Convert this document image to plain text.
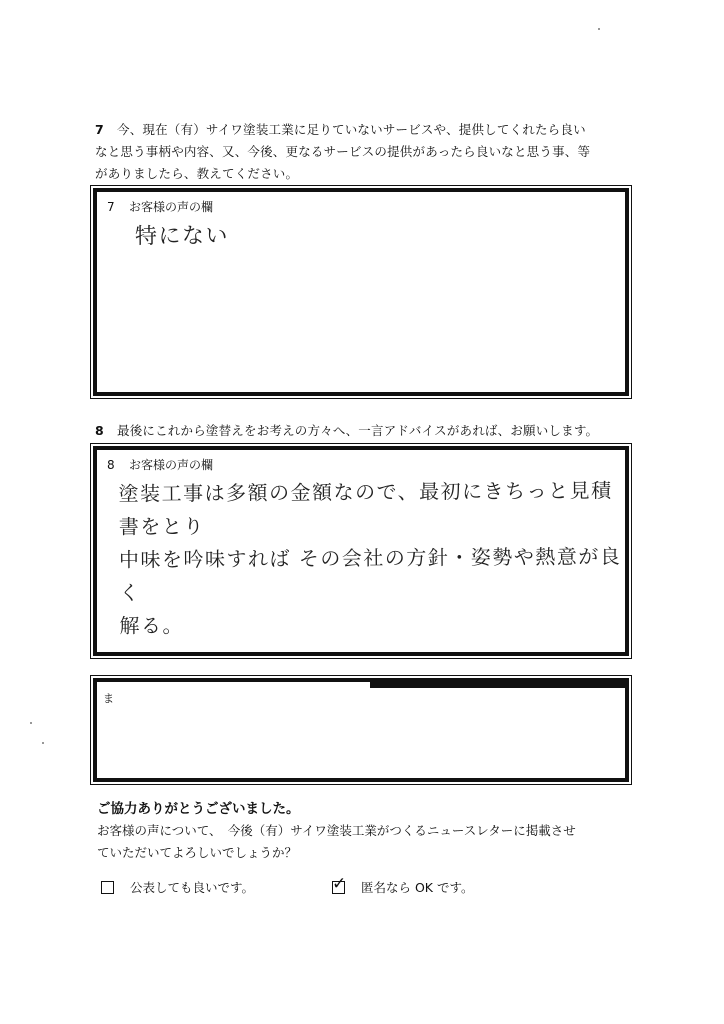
7 今、現在（有）サイワ塗装工業に足りていないサービスや、提供してくれたら良い
なと思う事柄や内容、又、今後、更なるサービスの提供があったら良いなと思う事、等
がありましたら、教えてください。
7 お客様の声の欄
特にない
8 最後にこれから塗替えをお考えの方々へ、一言アドバイスがあれば、お願いします。
8 お客様の声の欄
塗装工事は多額の金額なので、最初にきちっと見積書をとり
中味を吟味すれば その会社の方針・姿勢や熱意が良く
解る。
ま
ご協力ありがとうございました。
お客様の声について、　今後（有）サイワ塗装工業がつくるニュースレターに掲載させ
ていただいてよろしいでしょうか？
公表しても良いです。	✓ 匿名なら OK です。
